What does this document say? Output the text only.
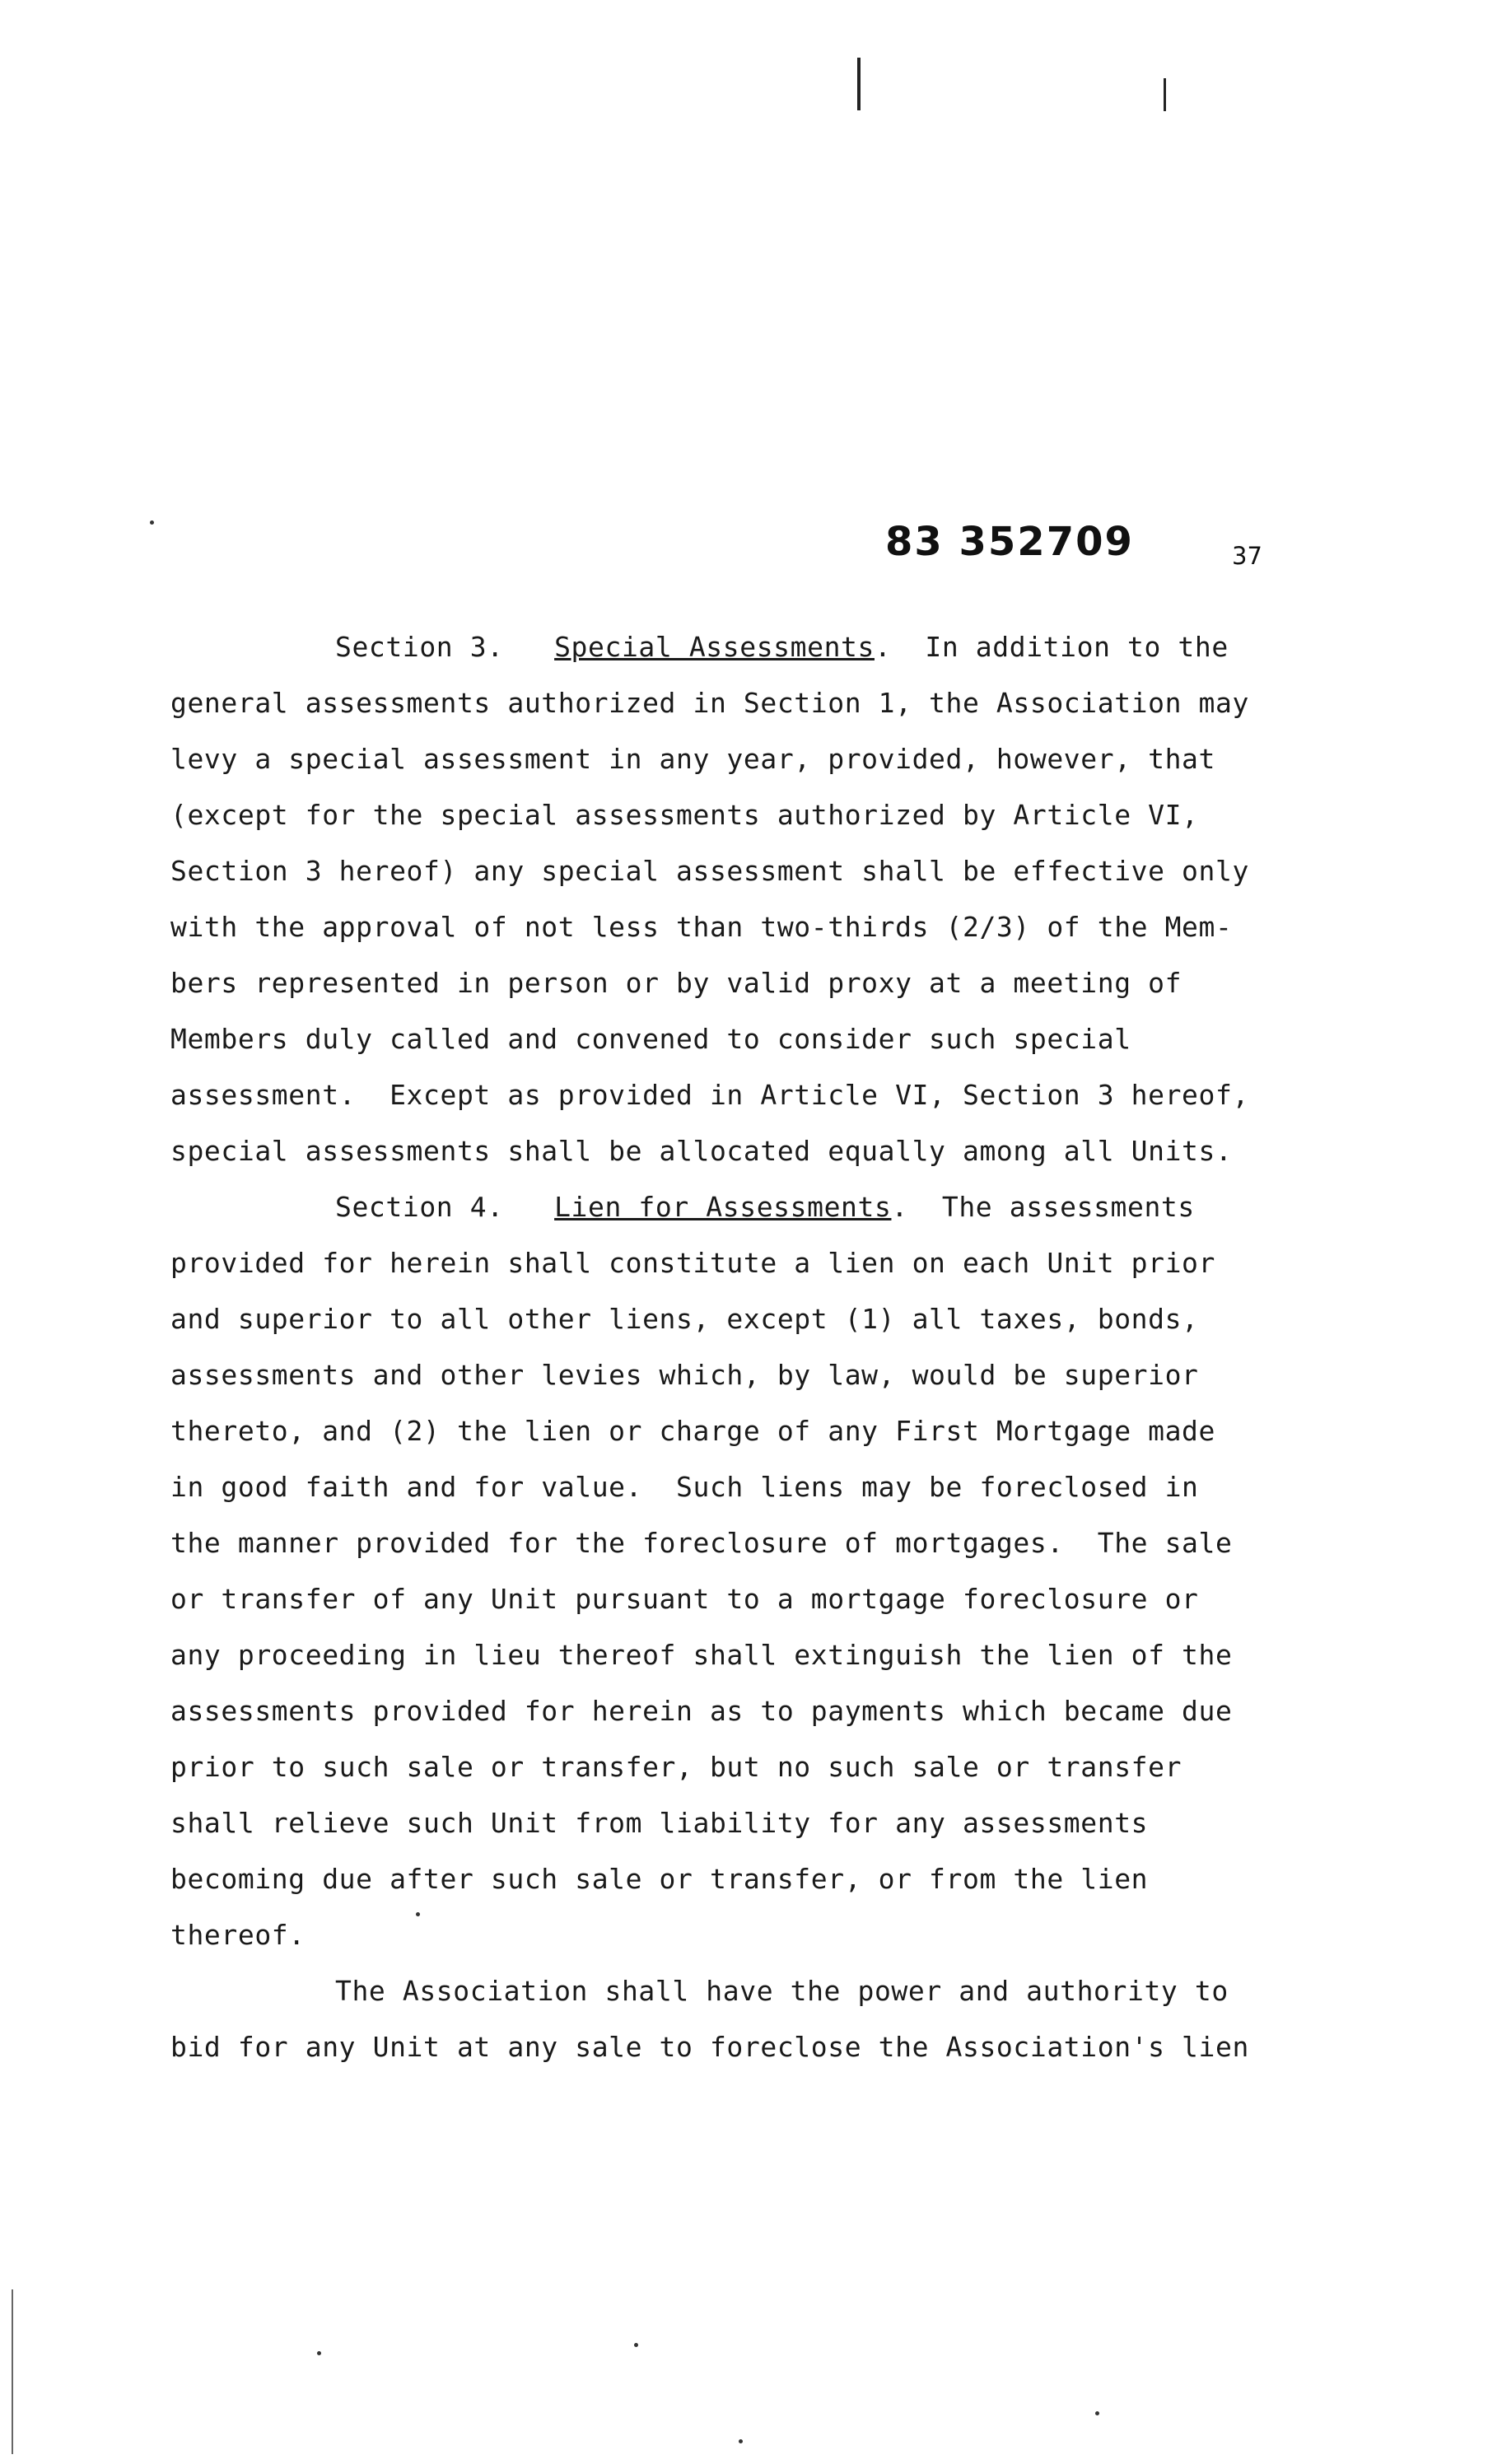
83 352709	37
Section 3. Special Assessments.  In addition to the
general assessments authorized in Section 1, the Association may
levy a special assessment in any year, provided, however, that
(except for the special assessments authorized by Article VI,
Section 3 hereof) any special assessment shall be effective only
with the approval of not less than two-thirds (2/3) of the Mem-
bers represented in person or by valid proxy at a meeting of
Members duly called and convened to consider such special
assessment.  Except as provided in Article VI, Section 3 hereof,
special assessments shall be allocated equally among all Units.
Section 4. Lien for Assessments.  The assessments
provided for herein shall constitute a lien on each Unit prior
and superior to all other liens, except (1) all taxes, bonds,
assessments and other levies which, by law, would be superior
thereto, and (2) the lien or charge of any First Mortgage made
in good faith and for value.  Such liens may be foreclosed in
the manner provided for the foreclosure of mortgages.  The sale
or transfer of any Unit pursuant to a mortgage foreclosure or
any proceeding in lieu thereof shall extinguish the lien of the
assessments provided for herein as to payments which became due
prior to such sale or transfer, but no such sale or transfer
shall relieve such Unit from liability for any assessments
becoming due after such sale or transfer, or from the lien
thereof.
The Association shall have the power and authority to
bid for any Unit at any sale to foreclose the Association's lien
